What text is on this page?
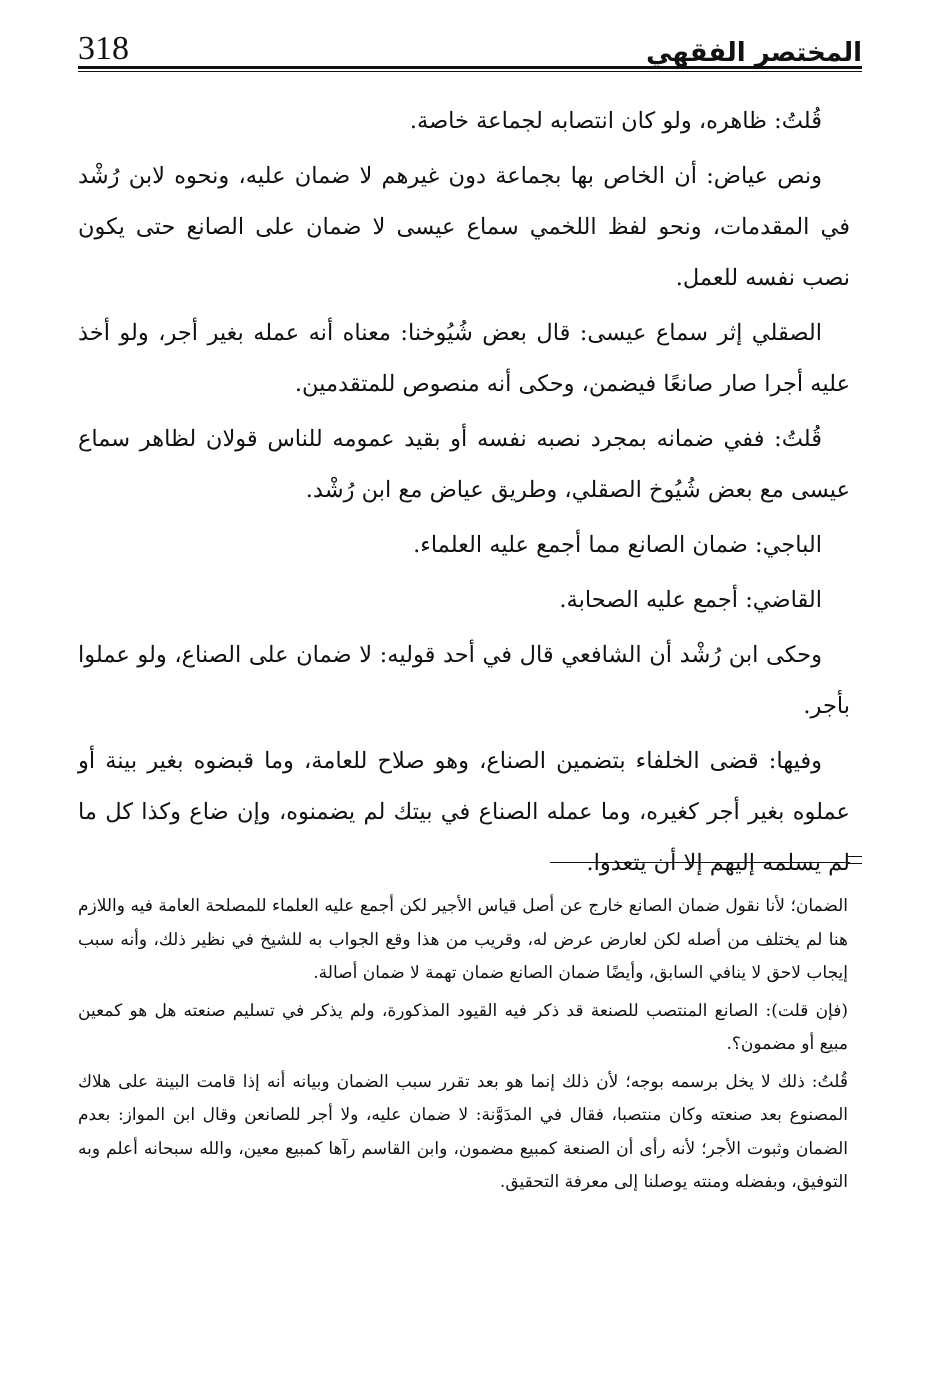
318	المختصر الفقهي

قُلتُ: ظاهره، ولو كان انتصابه لجماعة خاصة.

ونص عياض: أن الخاص بها بجماعة دون غيرهم لا ضمان عليه، ونحوه لابن رُشْد في المقدمات، ونحو لفظ اللخمي سماع عيسى لا ضمان على الصانع حتى يكون نصب نفسه للعمل.

الصقلي إثر سماع عيسى: قال بعض شُيُوخنا: معناه أنه عمله بغير أجر، ولو أخذ عليه أجرا صار صانعًا فيضمن، وحكى أنه منصوص للمتقدمين.

قُلتُ: ففي ضمانه بمجرد نصبه نفسه أو بقيد عمومه للناس قولان لظاهر سماع عيسى مع بعض شُيُوخ الصقلي، وطريق عياض مع ابن رُشْد.

الباجي: ضمان الصانع مما أجمع عليه العلماء.

القاضي: أجمع عليه الصحابة.

وحكى ابن رُشْد أن الشافعي قال في أحد قوليه: لا ضمان على الصناع، ولو عملوا بأجر.

وفيها: قضى الخلفاء بتضمين الصناع، وهو صلاح للعامة، وما قبضوه بغير بينة أو عملوه بغير أجر كغيره، وما عمله الصناع في بيتك لم يضمنوه، وإن ضاع وكذا كل ما لم يسلمه إليهم إلا أن يتعدوا.

الضمان؛ لأنا نقول ضمان الصانع خارج عن أصل قياس الأجير لكن أجمع عليه العلماء للمصلحة العامة فيه واللازم هنا لم يختلف من أصله لكن لعارض عرض له، وقريب من هذا وقع الجواب به للشيخ في نظير ذلك، وأنه سبب إيجاب لاحق لا ينافي السابق، وأيضًا ضمان الصانع ضمان تهمة لا ضمان أصالة.

(فإن قلت): الصانع المنتصب للصنعة قد ذكر فيه القيود المذكورة، ولم يذكر في تسليم صنعته هل هو كمعين مبيع أو مضمون؟.

قُلتُ: ذلك لا يخل برسمه بوجه؛ لأن ذلك إنما هو بعد تقرر سبب الضمان وبيانه أنه إذا قامت البينة على هلاك المصنوع بعد صنعته وكان منتصبا، فقال في المدَوَّنة: لا ضمان عليه، ولا أجر للصانعن وقال ابن المواز: بعدم الضمان وثبوت الأجر؛ لأنه رأى أن الصنعة كمبيع مضمون، وابن القاسم رآها كمبيع معين، والله سبحانه أعلم وبه التوفيق، وبفضله ومنته يوصلنا إلى معرفة التحقيق.
